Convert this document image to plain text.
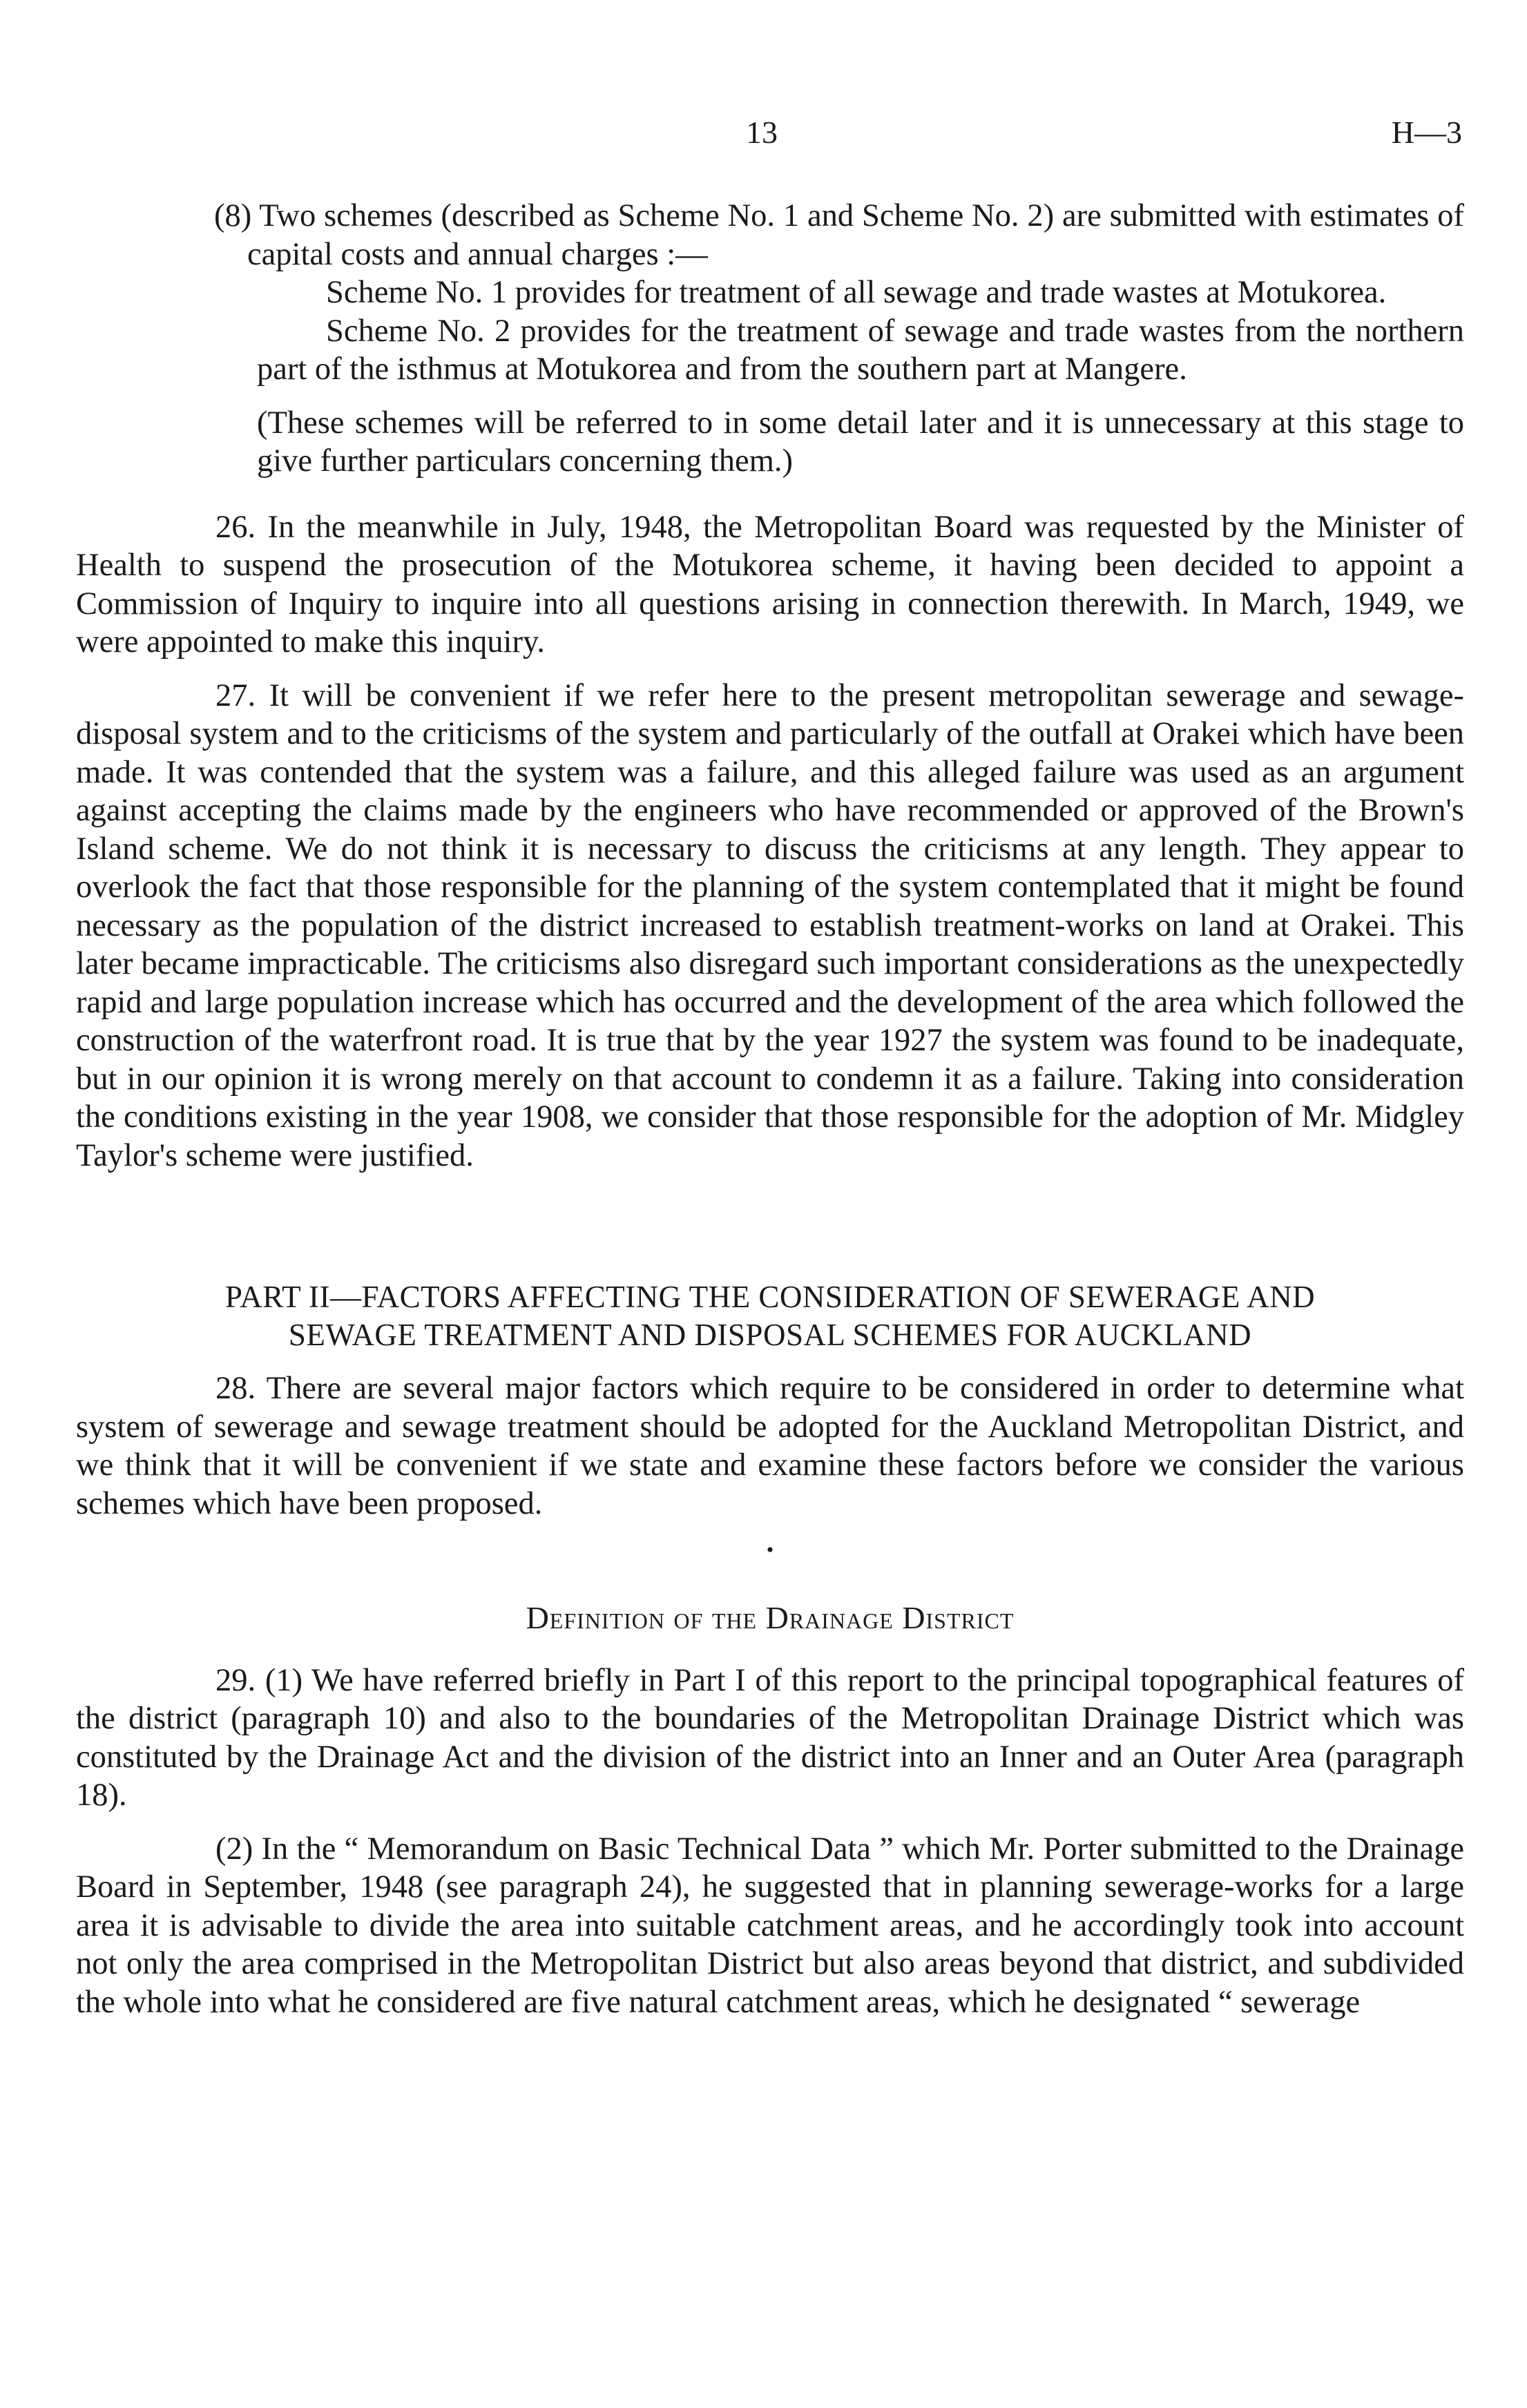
13	H—3

(8) Two schemes (described as Scheme No. 1 and Scheme No. 2) are submitted with estimates of capital costs and annual charges :—

Scheme No. 1 provides for treatment of all sewage and trade wastes at Motukorea.

Scheme No. 2 provides for the treatment of sewage and trade wastes from the northern part of the isthmus at Motukorea and from the southern part at Mangere.

(These schemes will be referred to in some detail later and it is unnecessary at this stage to give further particulars concerning them.)

26. In the meanwhile in July, 1948, the Metropolitan Board was requested by the Minister of Health to suspend the prosecution of the Motukorea scheme, it having been decided to appoint a Commission of Inquiry to inquire into all questions arising in connection therewith. In March, 1949, we were appointed to make this inquiry.

27. It will be convenient if we refer here to the present metropolitan sewerage and sewage-disposal system and to the criticisms of the system and particularly of the outfall at Orakei which have been made. It was contended that the system was a failure, and this alleged failure was used as an argument against accepting the claims made by the engineers who have recommended or approved of the Brown's Island scheme. We do not think it is necessary to discuss the criticisms at any length. They appear to overlook the fact that those responsible for the planning of the system contemplated that it might be found necessary as the population of the district increased to establish treatment-works on land at Orakei. This later became impracticable. The criticisms also disregard such important considerations as the unexpectedly rapid and large population increase which has occurred and the development of the area which followed the construction of the waterfront road. It is true that by the year 1927 the system was found to be inadequate, but in our opinion it is wrong merely on that account to condemn it as a failure. Taking into consideration the conditions existing in the year 1908, we consider that those responsible for the adoption of Mr. Midgley Taylor's scheme were justified.

PART II—FACTORS AFFECTING THE CONSIDERATION OF SEWERAGE AND
SEWAGE TREATMENT AND DISPOSAL SCHEMES FOR AUCKLAND

28. There are several major factors which require to be considered in order to determine what system of sewerage and sewage treatment should be adopted for the Auckland Metropolitan District, and we think that it will be convenient if we state and examine these factors before we consider the various schemes which have been proposed.

•

Definition of the Drainage District

29. (1) We have referred briefly in Part I of this report to the principal topographical features of the district (paragraph 10) and also to the boundaries of the Metropolitan Drainage District which was constituted by the Drainage Act and the division of the district into an Inner and an Outer Area (paragraph 18).

(2) In the “ Memorandum on Basic Technical Data ” which Mr. Porter submitted to the Drainage Board in September, 1948 (see paragraph 24), he suggested that in planning sewerage-works for a large area it is advisable to divide the area into suitable catchment areas, and he accordingly took into account not only the area comprised in the Metropolitan District but also areas beyond that district, and subdivided the whole into what he considered are five natural catchment areas, which he designated “ sewerage
